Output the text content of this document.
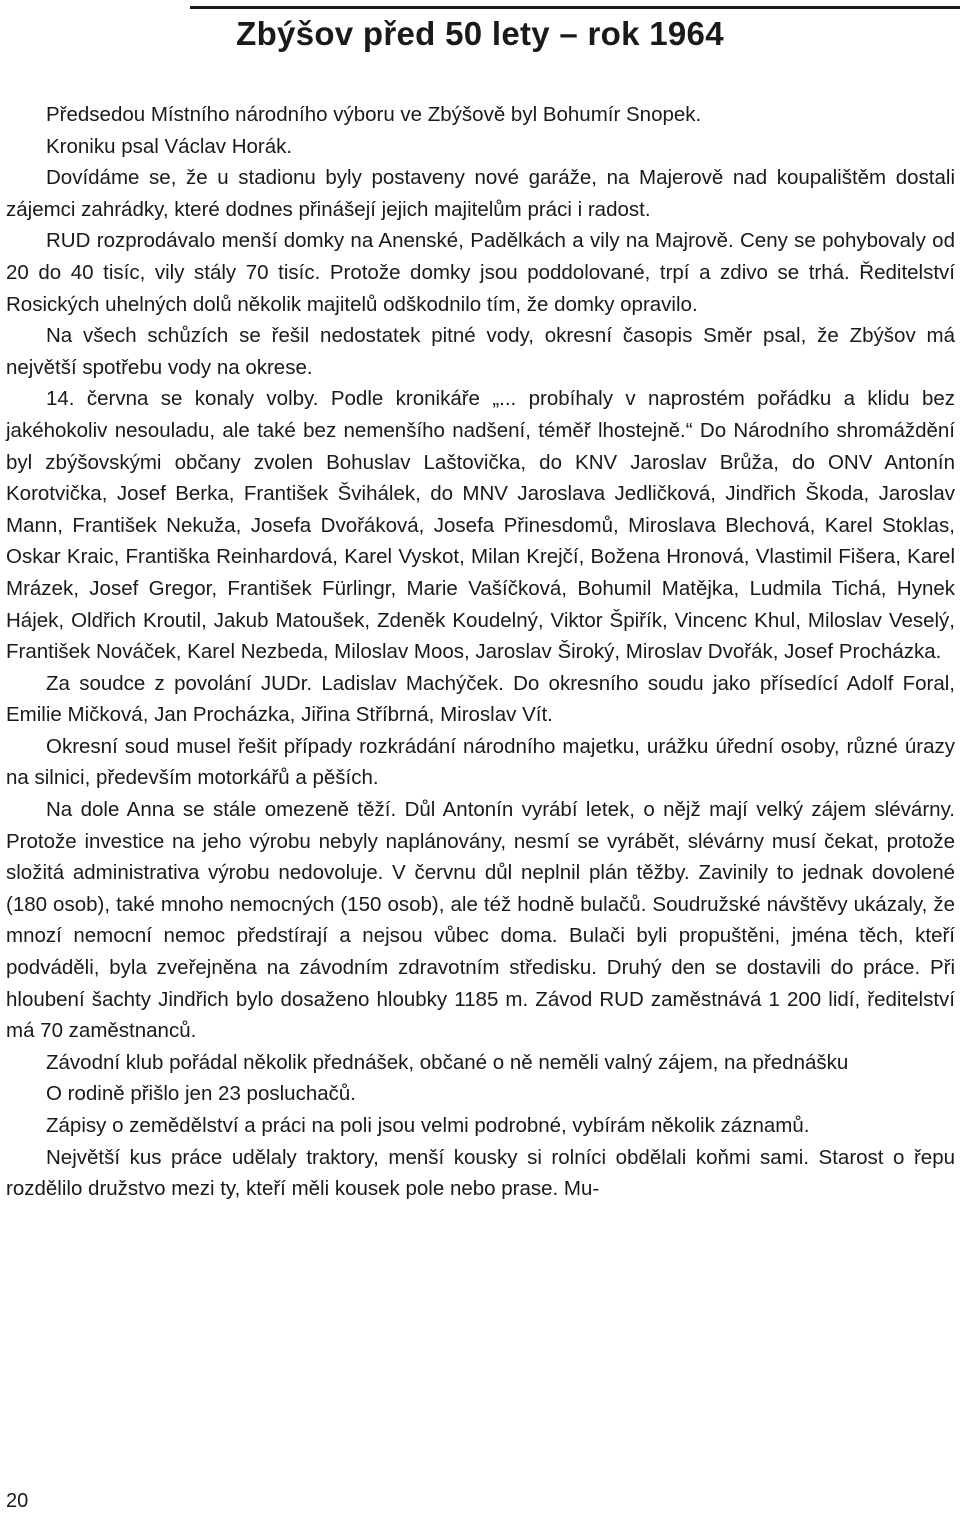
Zbýšov před 50 lety – rok 1964

Předsedou Místního národního výboru ve Zbýšově byl Bohumír Snopek.

Kroniku psal Václav Horák.

Dovídáme se, že u stadionu byly postaveny nové garáže, na Majerově nad koupalištěm dostali zájemci zahrádky, které dodnes přinášejí jejich majitelům práci i radost.

RUD rozprodávalo menší domky na Anenské, Padělkách a vily na Majrově. Ceny se pohybovaly od 20 do 40 tisíc, vily stály 70 tisíc. Protože domky jsou poddolované, trpí a zdivo se trhá. Ředitelství Rosických uhelných dolů několik majitelů odškodnilo tím, že domky opravilo.

Na všech schůzích se řešil nedostatek pitné vody, okresní časopis Směr psal, že Zbýšov má největší spotřebu vody na okrese.

14. června se konaly volby. Podle kronikáře „... probíhaly v naprostém pořádku a klidu bez jakéhokoliv nesouladu, ale také bez nemenšího nadšení, téměř lhostejně.“ Do Národního shromáždění byl zbýšovskými občany zvolen Bohuslav Laštovička, do KNV Jaroslav Brůža, do ONV Antonín Korotvička, Josef Berka, František Švihálek, do MNV Jaroslava Jedličková, Jindřich Škoda, Jaroslav Mann, František Nekuža, Josefa Dvořáková, Josefa Přinesdomů, Miroslava Blechová, Karel Stoklas, Oskar Kraic, Františka Reinhardová, Karel Vyskot, Milan Krejčí, Božena Hronová, Vlastimil Fišera, Karel Mrázek, Josef Gregor, František Fürlingr, Marie Vašíčková, Bohumil Matějka, Ludmila Tichá, Hynek Hájek, Oldřich Kroutil, Jakub Matoušek, Zdeněk Koudelný, Viktor Špiřík, Vincenc Khul, Miloslav Veselý, František Nováček, Karel Nezbeda, Miloslav Moos, Jaroslav Široký, Miroslav Dvořák, Josef Procházka.

Za soudce z povolání JUDr. Ladislav Machýček. Do okresního soudu jako přísedící Adolf Foral, Emilie Mičková, Jan Procházka, Jiřina Stříbrná, Miroslav Vít.

Okresní soud musel řešit případy rozkrádání národního majetku, urážku úřední osoby, různé úrazy na silnici, především motorkářů a pěších.

Na dole Anna se stále omezeně těží. Důl Antonín vyrábí letek, o nějž mají velký zájem slévárny. Protože investice na jeho výrobu nebyly naplánovány, nesmí se vyrábět, slévárny musí čekat, protože složitá administrativa výrobu nedovoluje. V červnu důl neplnil plán těžby. Zavinily to jednak dovolené (180 osob), také mnoho nemocných (150 osob), ale též hodně bulačů. Soudružské návštěvy ukázaly, že mnozí nemocní nemoc předstírají a nejsou vůbec doma. Bulači byli propuštěni, jména těch, kteří podváděli, byla zveřejněna na závodním zdravotním středisku. Druhý den se dostavili do práce. Při hloubení šachty Jindřich bylo dosaženo hloubky 1185 m. Závod RUD zaměstnává 1 200 lidí, ředitelství má 70 zaměstnanců.

Závodní klub pořádal několik přednášek, občané o ně neměli valný zájem, na přednášku

O rodině přišlo jen 23 posluchačů.

Zápisy o zemědělství a práci na poli jsou velmi podrobné, vybírám několik záznamů.

Největší kus práce udělaly traktory, menší kousky si rolníci obdělali koňmi sami. Starost o řepu rozdělilo družstvo mezi ty, kteří měli kousek pole nebo prase. Mu-

20
